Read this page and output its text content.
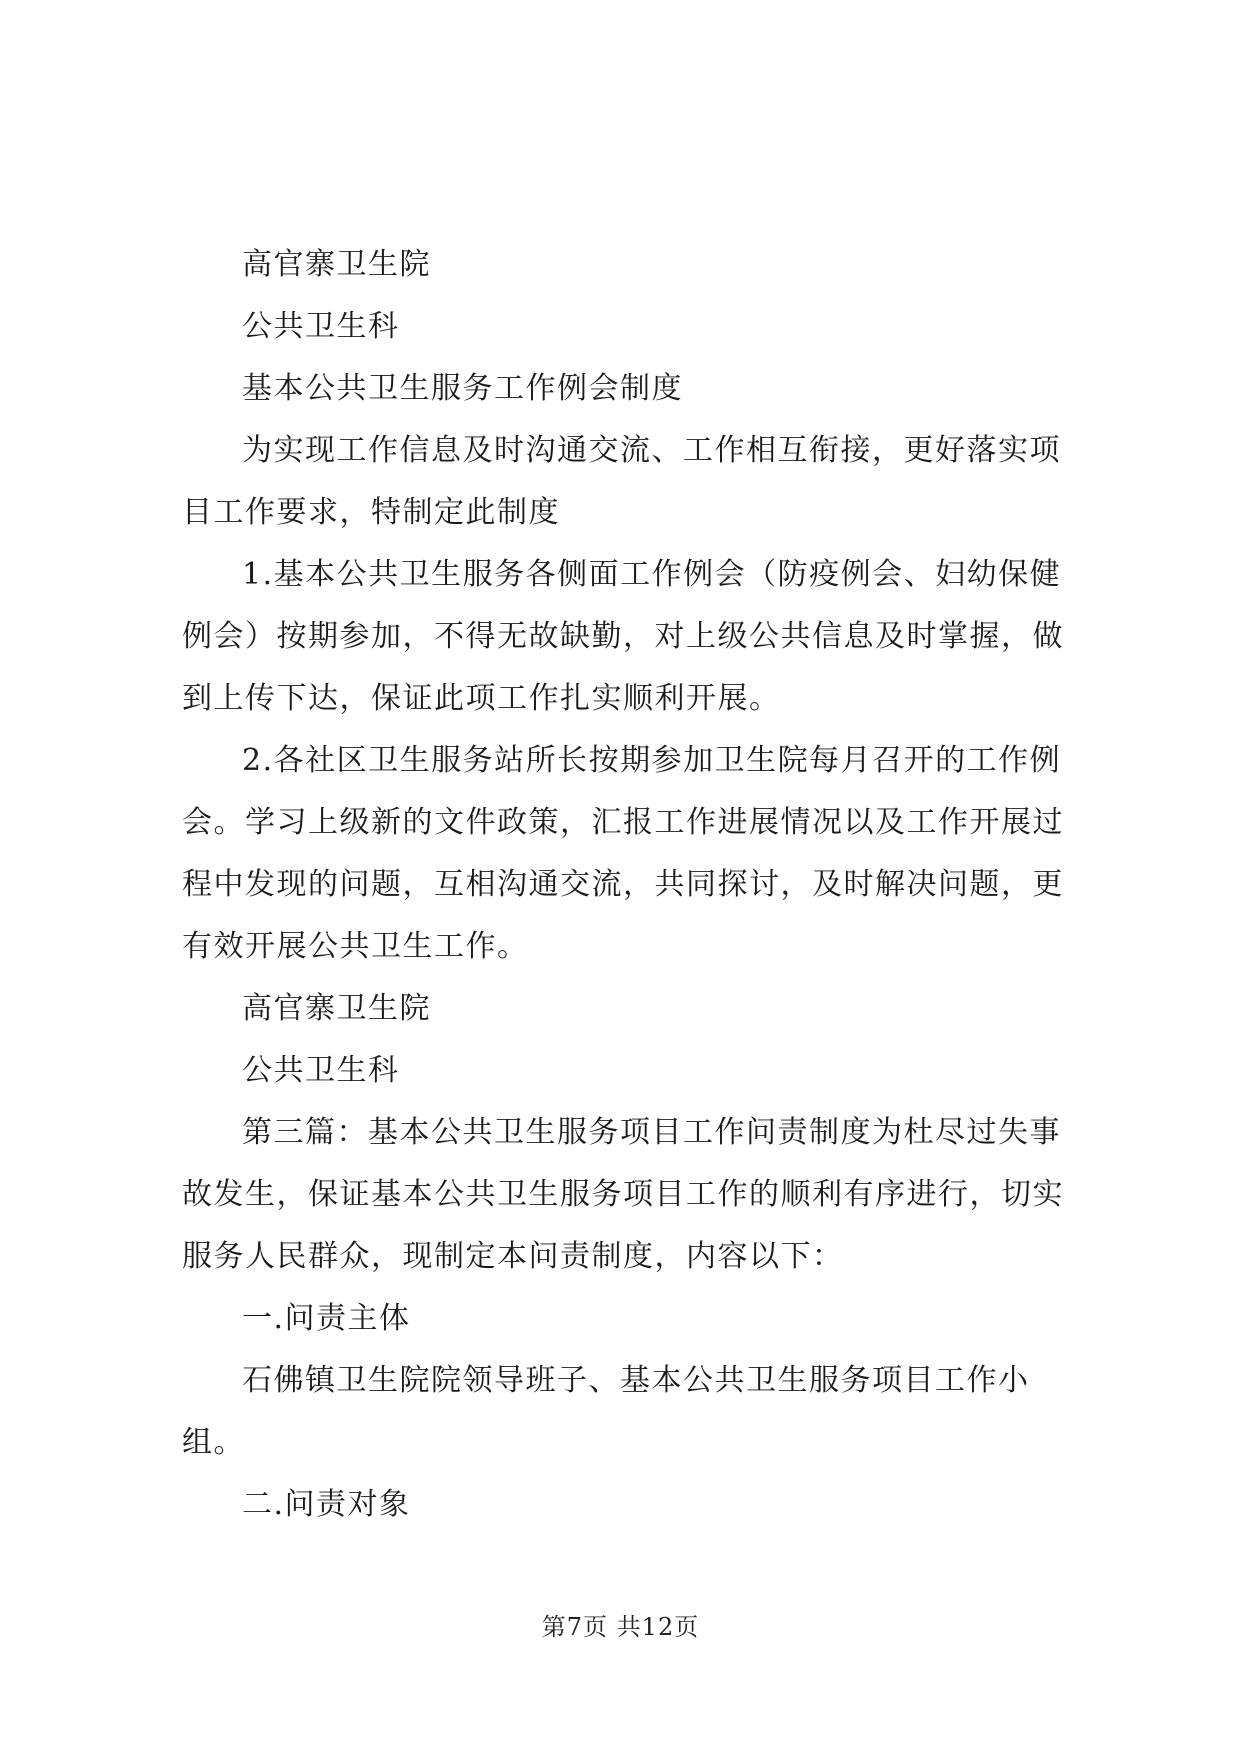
高官寨卫生院

公共卫生科

基本公共卫生服务工作例会制度

为实现工作信息及时沟通交流、工作相互衔接，更好落实项目工作要求，特制定此制度

1.基本公共卫生服务各侧面工作例会（防疫例会、妇幼保健例会）按期参加，不得无故缺勤，对上级公共信息及时掌握，做到上传下达，保证此项工作扎实顺利开展。

2.各社区卫生服务站所长按期参加卫生院每月召开的工作例会。学习上级新的文件政策，汇报工作进展情况以及工作开展过程中发现的问题，互相沟通交流，共同探讨，及时解决问题，更有效开展公共卫生工作。

高官寨卫生院

公共卫生科

第三篇：基本公共卫生服务项目工作问责制度为杜尽过失事故发生，保证基本公共卫生服务项目工作的顺利有序进行，切实服务人民群众，现制定本问责制度，内容以下：

一.问责主体

石佛镇卫生院院领导班子、基本公共卫生服务项目工作小组。

二.问责对象

第7页 共12页
